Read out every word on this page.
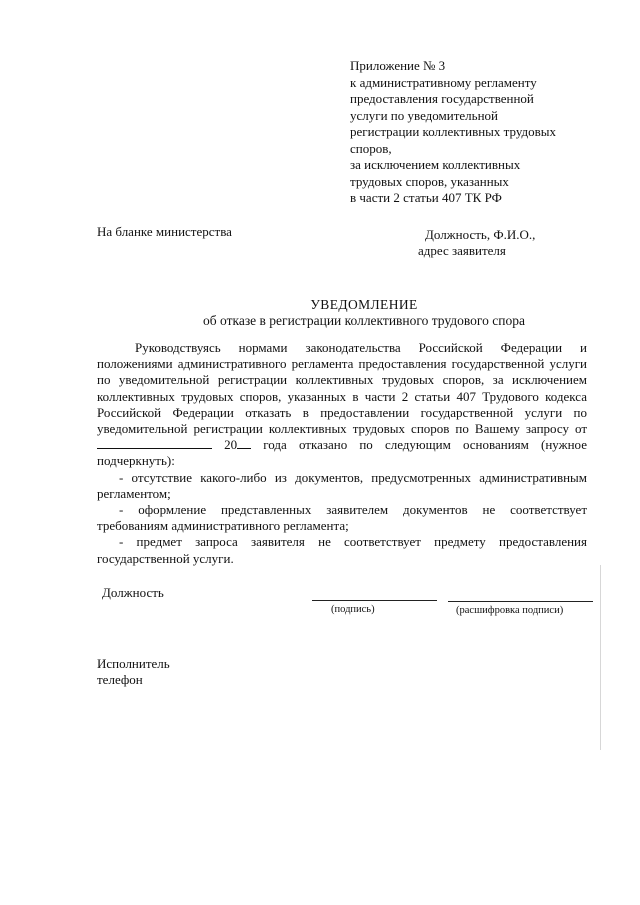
Приложение № 3
к административному регламенту
предоставления государственной
услуги по уведомительной
регистрации коллективных трудовых
споров,
за исключением коллективных
трудовых споров, указанных
в части 2 статьи 407 ТК РФ
На бланке министерства	Должность, Ф.И.О.,
адрес заявителя
УВЕДОМЛЕНИЕ
об отказе в регистрации коллективного трудового спора

Руководствуясь нормами законодательства Российской Федерации и положениями административного регламента предоставления государственной услуги по уведомительной регистрации коллективных трудовых споров, за исключением коллективных трудовых споров, указанных в части 2 статьи 407 Трудового кодекса Российской Федерации отказать в предоставлении государственной услуги по уведомительной регистрации коллективных трудовых споров по Вашему запросу от  20 года отказано по следующим основаниям (нужное подчеркнуть):

- отсутствие какого-либо из документов, предусмотренных административным регламентом;

- оформление представленных заявителем документов не соответствует требованиям административного регламента;

- предмет запроса заявителя не соответствует предмету предоставления государственной услуги.

Должность
(подпись)	(расшифровка подписи)
Исполнитель
телефон
